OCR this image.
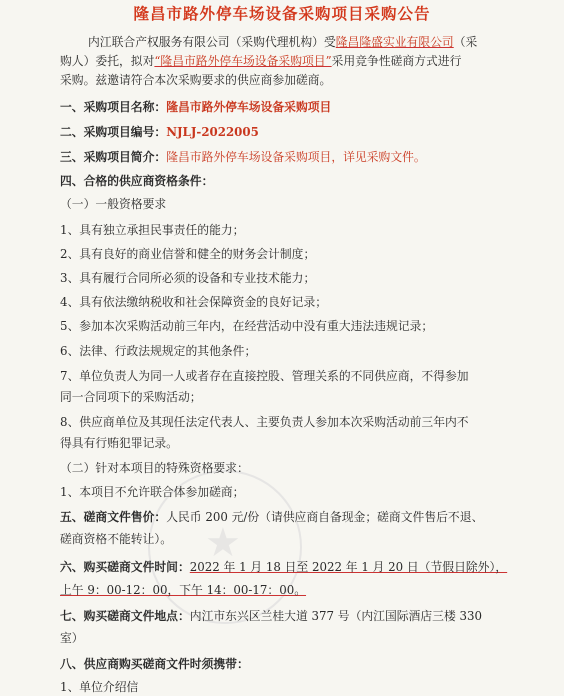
★
隆昌市路外停车场设备采购项目采购公告
内江联合产权服务有限公司（采购代理机构）受隆昌隆盛实业有限公司（采
购人）委托，拟对“隆昌市路外停车场设备采购项目”采用竞争性磋商方式进行
采购。兹邀请符合本次采购要求的供应商参加磋商。
一、采购项目名称：隆昌市路外停车场设备采购项目
二、采购项目编号：NJLJ-2022005
三、采购项目简介：隆昌市路外停车场设备采购项目，详见采购文件。
四、合格的供应商资格条件：
（一）一般资格要求
1、具有独立承担民事责任的能力；
2、具有良好的商业信誉和健全的财务会计制度；
3、具有履行合同所必须的设备和专业技术能力；
4、具有依法缴纳税收和社会保障资金的良好记录；
5、参加本次采购活动前三年内，在经营活动中没有重大违法违规记录；
6、法律、行政法规规定的其他条件；
7、单位负责人为同一人或者存在直接控股、管理关系的不同供应商，不得参加
同一合同项下的采购活动；
8、供应商单位及其现任法定代表人、主要负责人参加本次采购活动前三年内不
得具有行贿犯罪记录。
（二）针对本项目的特殊资格要求：
1、本项目不允许联合体参加磋商；
五、磋商文件售价：人民币 200 元/份（请供应商自备现金；磋商文件售后不退、
磋商资格不能转让）。
六、购买磋商文件时间：2022 年 1 月 18 日至 2022 年 1 月 20 日（节假日除外），
上午 9：00-12：00，下午 14：00-17：00。
七、购买磋商文件地点：内江市东兴区兰桂大道 377 号（内江国际酒店三楼 330
室）
八、供应商购买磋商文件时须携带：
1、单位介绍信
